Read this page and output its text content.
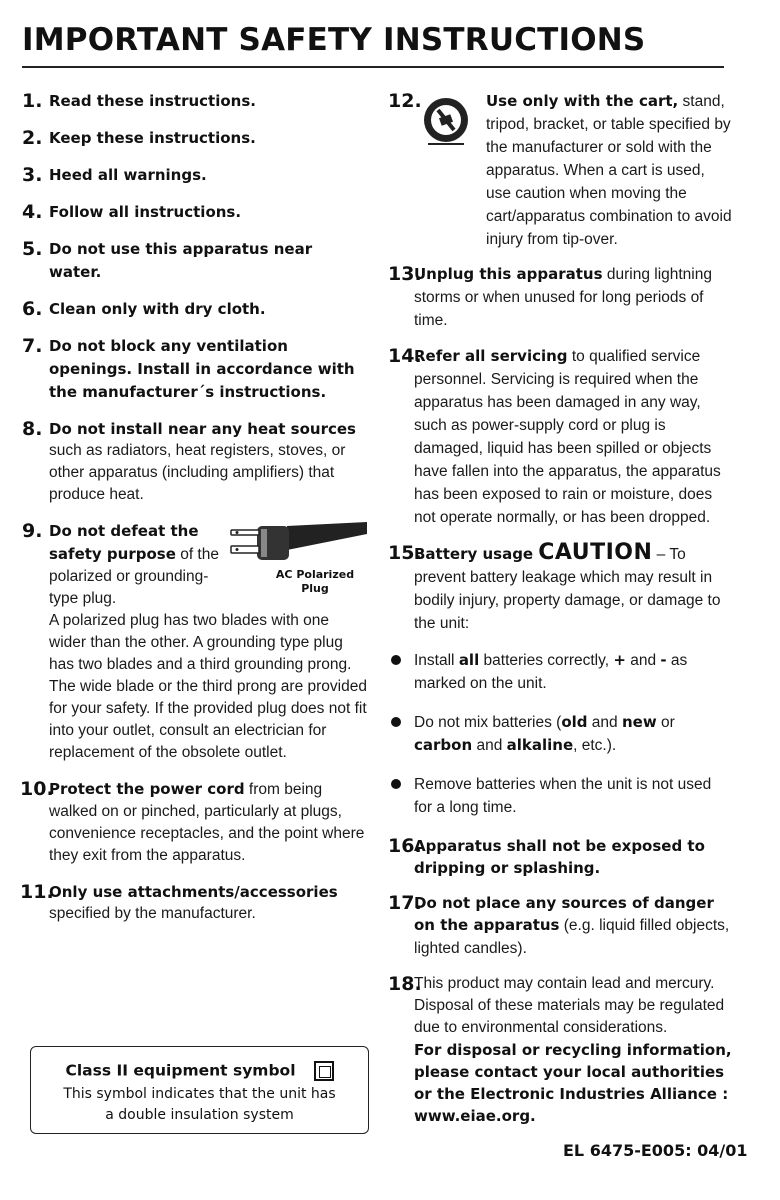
IMPORTANT SAFETY INSTRUCTIONS
1. Read these instructions.
2. Keep these instructions.
3. Heed all warnings.
4. Follow all instructions.
5. Do not use this apparatus near water.
6. Clean only with dry cloth.
7. Do not block any ventilation openings. Install in accordance with the manufacturer´s instructions.
8. Do not install near any heat sources
such as radiators, heat registers, stoves, or other apparatus (including amplifiers) that produce heat.
9.
AC Polarized
Plug
Do not defeat the safety purpose of the polarized or grounding-type plug.
A polarized plug has two blades with one wider than the other. A grounding type plug has two blades and a third grounding prong. The wide blade or the third prong are provided for your safety. If the provided plug does not fit into your outlet, consult an electrician for replacement of the obsolete outlet.
10.
Protect the power cord from being walked on or pinched, particularly at plugs, convenience receptacles, and the point where they exit from the apparatus.
11.
Only use attachments/accessories
specified by the manufacturer.
12.	Use only with the cart, stand, tripod, bracket, or table specified by the manufacturer or sold with the apparatus. When a cart is used, use caution when moving the cart/apparatus combination to avoid injury from tip-over.
13.
Unplug this apparatus during lightning storms or when unused for long periods of time.
14.
Refer all servicing to qualified service personnel. Servicing is required when the apparatus has been damaged in any way, such as power-supply cord or plug is damaged, liquid has been spilled or objects have fallen into the apparatus, the apparatus has been exposed to rain or moisture, does not operate normally, or has been dropped.
15.
Battery usage CAUTION – To prevent battery leakage which may result in bodily injury, property damage, or damage to the unit:
Install all batteries correctly, + and - as marked on the unit.
Do not mix batteries (old and new or carbon and alkaline, etc.).
Remove batteries when the unit is not used for a long time.
16.
Apparatus shall not be exposed to dripping or splashing.
17.
Do not place any sources of danger on the apparatus (e.g. liquid filled objects, lighted candles).
18.
This product may contain lead and mercury. Disposal of these materials may be regulated due to environmental considerations.
For disposal or recycling information, please contact your local authorities or the Electronic Industries Alliance : www.eiae.org.
Class II equipment symbol
This symbol indicates that the unit has
a double insulation system
EL 6475-E005: 04/01
